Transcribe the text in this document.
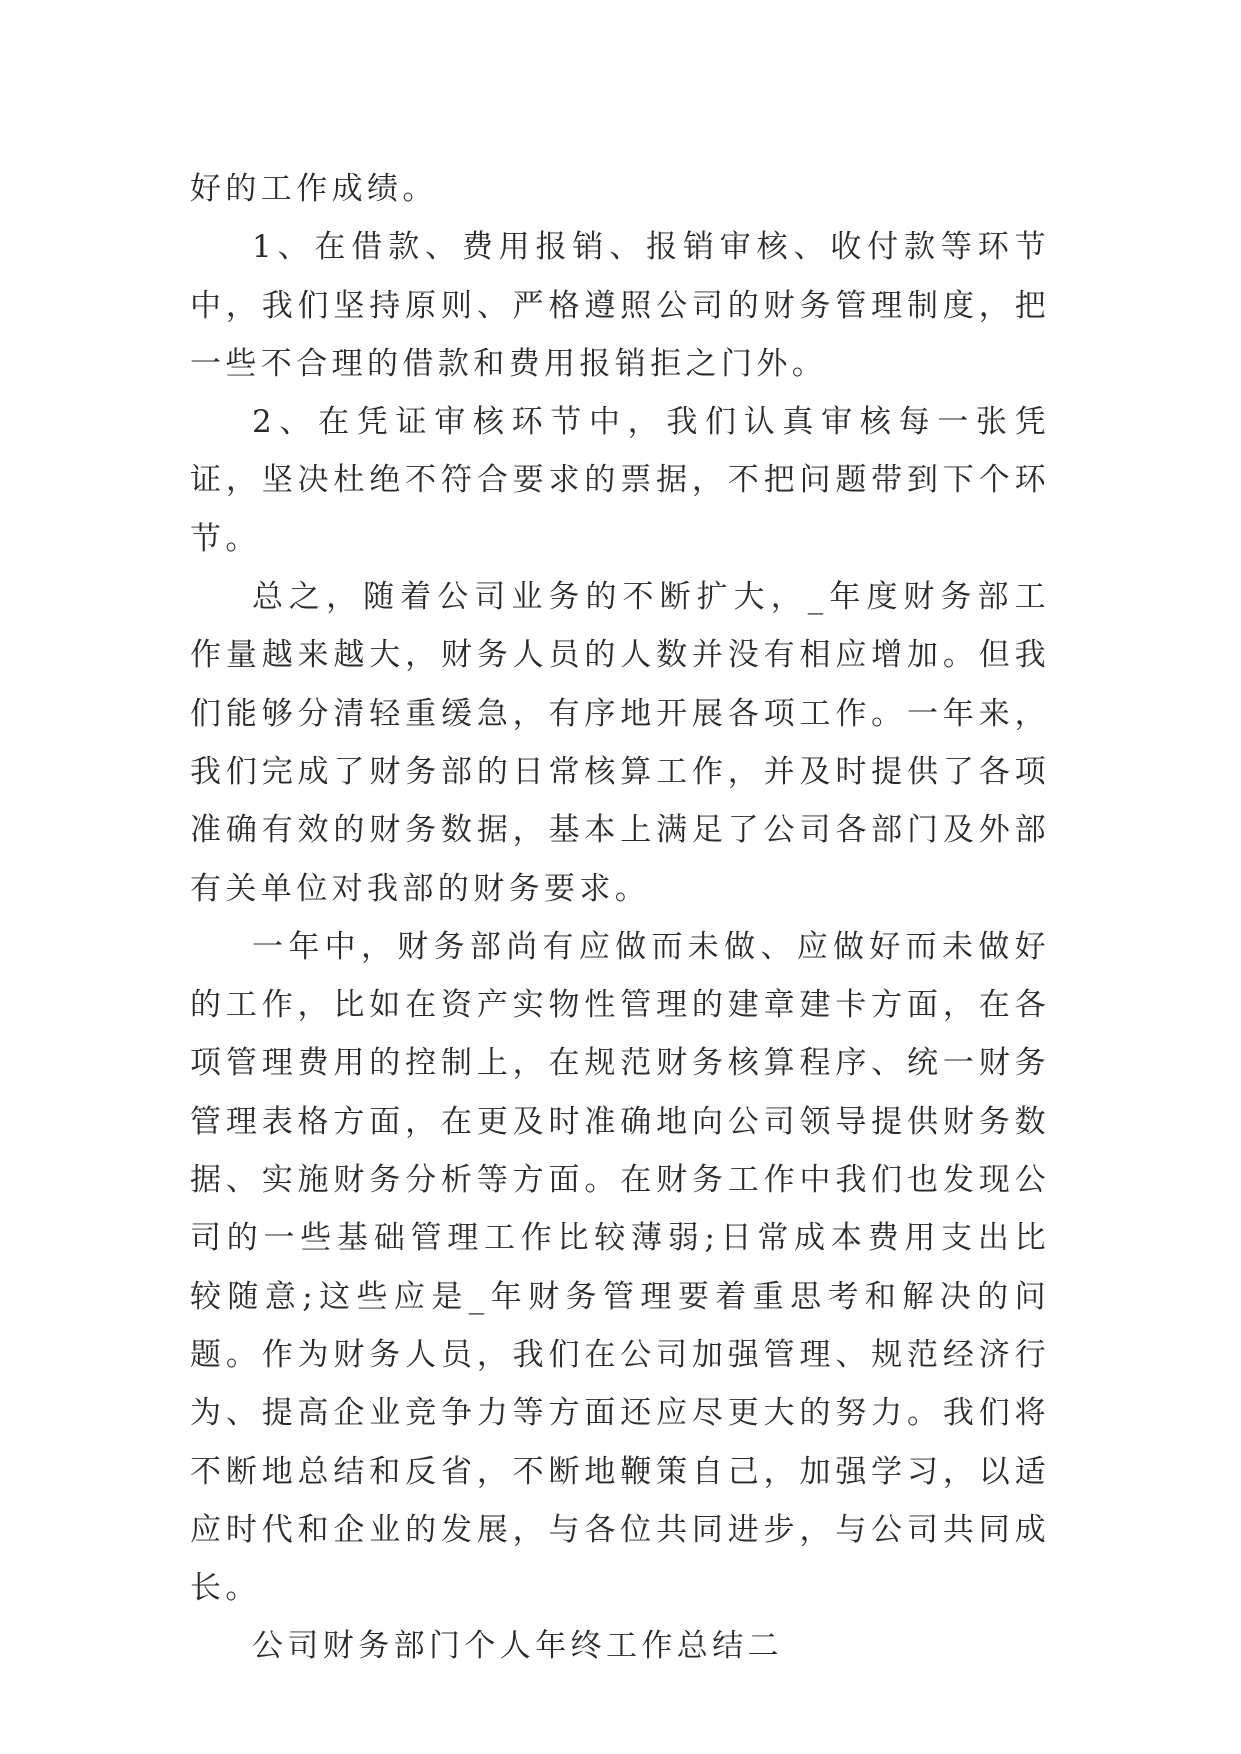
好的工作成绩。

1、在借款、费用报销、报销审核、收付款等环节中，我们坚持原则、严格遵照公司的财务管理制度，把一些不合理的借款和费用报销拒之门外。

2、在凭证审核环节中，我们认真审核每一张凭证，坚决杜绝不符合要求的票据，不把问题带到下个环节。

总之，随着公司业务的不断扩大，_年度财务部工作量越来越大，财务人员的人数并没有相应增加。但我们能够分清轻重缓急，有序地开展各项工作。一年来，我们完成了财务部的日常核算工作，并及时提供了各项准确有效的财务数据，基本上满足了公司各部门及外部有关单位对我部的财务要求。

一年中，财务部尚有应做而未做、应做好而未做好的工作，比如在资产实物性管理的建章建卡方面，在各项管理费用的控制上，在规范财务核算程序、统一财务管理表格方面，在更及时准确地向公司领导提供财务数据、实施财务分析等方面。在财务工作中我们也发现公司的一些基础管理工作比较薄弱;日常成本费用支出比较随意;这些应是_年财务管理要着重思考和解决的问题。作为财务人员，我们在公司加强管理、规范经济行为、提高企业竞争力等方面还应尽更大的努力。我们将不断地总结和反省，不断地鞭策自己，加强学习，以适应时代和企业的发展，与各位共同进步，与公司共同成长。

公司财务部门个人年终工作总结二
